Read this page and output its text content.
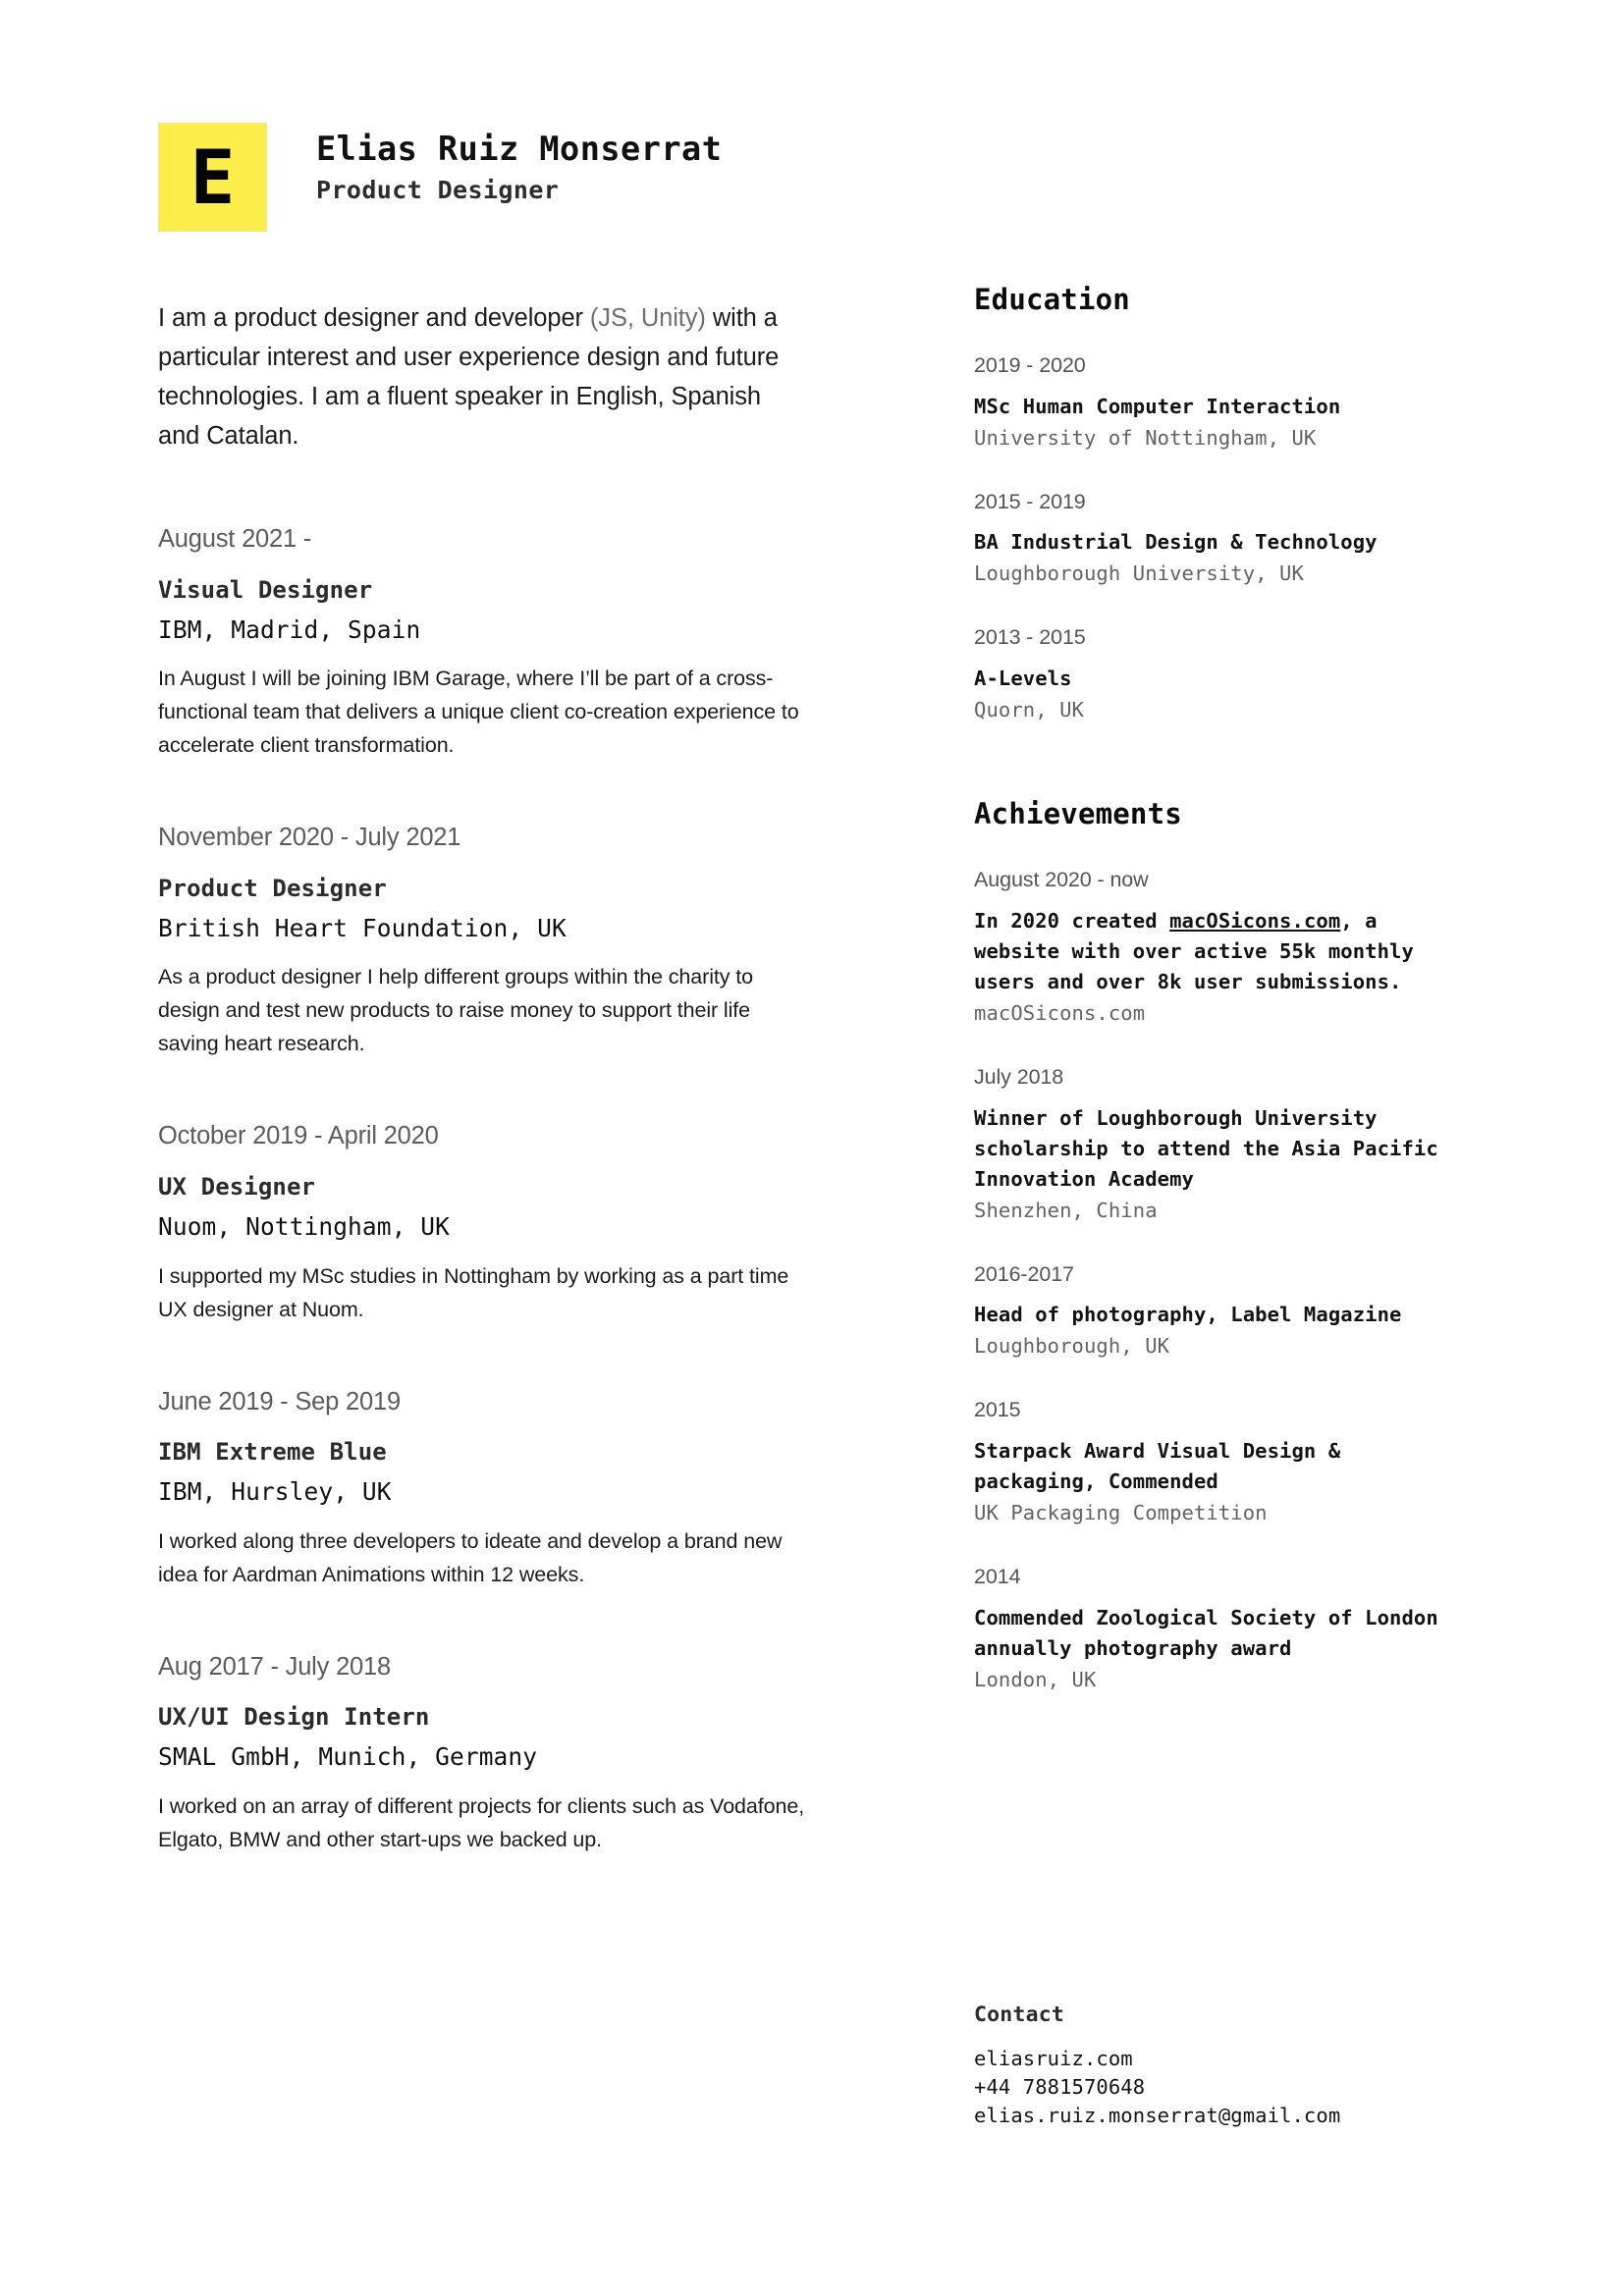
E Elias Ruiz Monserrat
Product Designer

I am a product designer and developer (JS, Unity) with a particular interest and user experience design and future technologies. I am a fluent speaker in English, Spanish and Catalan.

August 2021 -
Visual Designer
IBM, Madrid, Spain
In August I will be joining IBM Garage, where I’ll be part of a cross-functional team that delivers a unique client co-creation experience to accelerate client transformation.
November 2020 - July 2021
Product Designer
British Heart Foundation, UK
As a product designer I help different groups within the charity to design and test new products to raise money to support their life saving heart research.
October 2019 - April 2020
UX Designer
Nuom, Nottingham, UK
I supported my MSc studies in Nottingham by working as a part time UX designer at Nuom.
June 2019 - Sep 2019
IBM Extreme Blue
IBM, Hursley, UK
I worked along three developers to ideate and develop a brand new idea for Aardman Animations within 12 weeks.
Aug 2017 - July 2018
UX/UI Design Intern
SMAL GmbH, Munich, Germany
I worked on an array of different projects for clients such as Vodafone, Elgato, BMW and other start-ups we backed up.
Education
2019 - 2020
MSc Human Computer Interaction
University of Nottingham, UK
2015 - 2019
BA Industrial Design & Technology
Loughborough University, UK
2013 - 2015
A-Levels
Quorn, UK
Achievements
August 2020 - now
In 2020 created macOSicons.com, a website with over active 55k monthly users and over 8k user submissions.
macOSicons.com
July 2018
Winner of Loughborough University scholarship to attend the Asia Pacific Innovation Academy
Shenzhen, China
2016-2017
Head of photography, Label Magazine
Loughborough, UK
2015
Starpack Award Visual Design & packaging, Commended
UK Packaging Competition
2014
Commended Zoological Society of London annually photography award
London, UK
Contact
eliasruiz.com
+44 7881570648
elias.ruiz.monserrat@gmail.com
